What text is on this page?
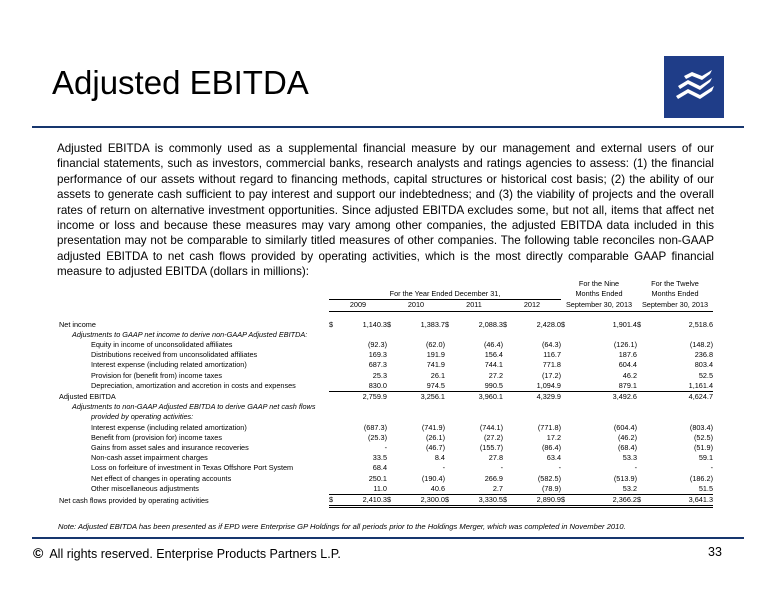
Adjusted EBITDA
Adjusted EBITDA is commonly used as a supplemental financial measure by our management and external users of our financial statements, such as investors, commercial banks, research analysts and ratings agencies to assess: (1) the financial performance of our assets without regard to financing methods, capital structures or historical cost basis; (2) the ability of our assets to generate cash sufficient to pay interest and support our indebtedness; and (3) the viability of projects and the overall rates of return on alternative investment opportunities. Since adjusted EBITDA excludes some, but not all, items that affect net income or loss and because these measures may vary among other companies, the adjusted EBITDA data included in this presentation may not be comparable to similarly titled measures of other companies. The following table reconciles non-GAAP adjusted EBITDA to net cash flows provided by operating activities, which is the most directly comparable GAAP financial measure to adjusted EBITDA (dollars in millions):
									For the Nine		For the Twelve	
	For the Year Ended December 31,								Months Ended		Months Ended	
	2009		2010		2011		2012		September 30, 2013		September 30, 2013	

Net income	$	1,140.3	$	1,383.7	$	2,088.3	$	2,428.0	$	1,901.4	$	2,518.6
Adjustments to GAAP net income to derive non-GAAP Adjusted EBITDA:												
Equity in income of unconsolidated affiliates		(92.3)		(62.0)		(46.4)		(64.3)		(126.1)		(148.2)
Distributions received from unconsolidated affiliates		169.3		191.9		156.4		116.7		187.6		236.8
Interest expense (including related amortization)		687.3		741.9		744.1		771.8		604.4		803.4
Provision for (benefit from) income taxes		25.3		26.1		27.2		(17.2)		46.2		52.5
Depreciation, amortization and accretion in costs and expenses		830.0		974.5		990.5		1,094.9		879.1		1,161.4
Adjusted EBITDA		2,759.9		3,256.1		3,960.1		4,329.9		3,492.6		4,624.7
Adjustments to non-GAAP Adjusted EBITDA to derive GAAP net cash flows												
provided by operating activities:												
Interest expense (including related amortization)		(687.3)		(741.9)		(744.1)		(771.8)		(604.4)		(803.4)
Benefit from (provision for) income taxes		(25.3)		(26.1)		(27.2)		17.2		(46.2)		(52.5)
Gains from asset sales and insurance recoveries		-		(46.7)		(155.7)		(86.4)		(68.4)		(51.9)
Non-cash asset impairment charges		33.5		8.4		27.8		63.4		53.3		59.1
Loss on forfeiture of investment in Texas Offshore Port System		68.4		-		-		-		-		-
Net effect of changes in operating accounts		250.1		(190.4)		266.9		(582.5)		(513.9)		(186.2)
Other miscellaneous adjustments		11.0		40.6		2.7		(78.9)		53.2		51.5
Net cash flows provided by operating activities	$	2,410.3	$	2,300.0	$	3,330.5	$	2,890.9	$	2,366.2	$	3,641.3
Note: Adjusted EBITDA has been presented as if EPD were Enterprise GP Holdings for all periods prior to the Holdings Merger, which was completed in November 2010.
© All rights reserved. Enterprise Products Partners L.P.	33
